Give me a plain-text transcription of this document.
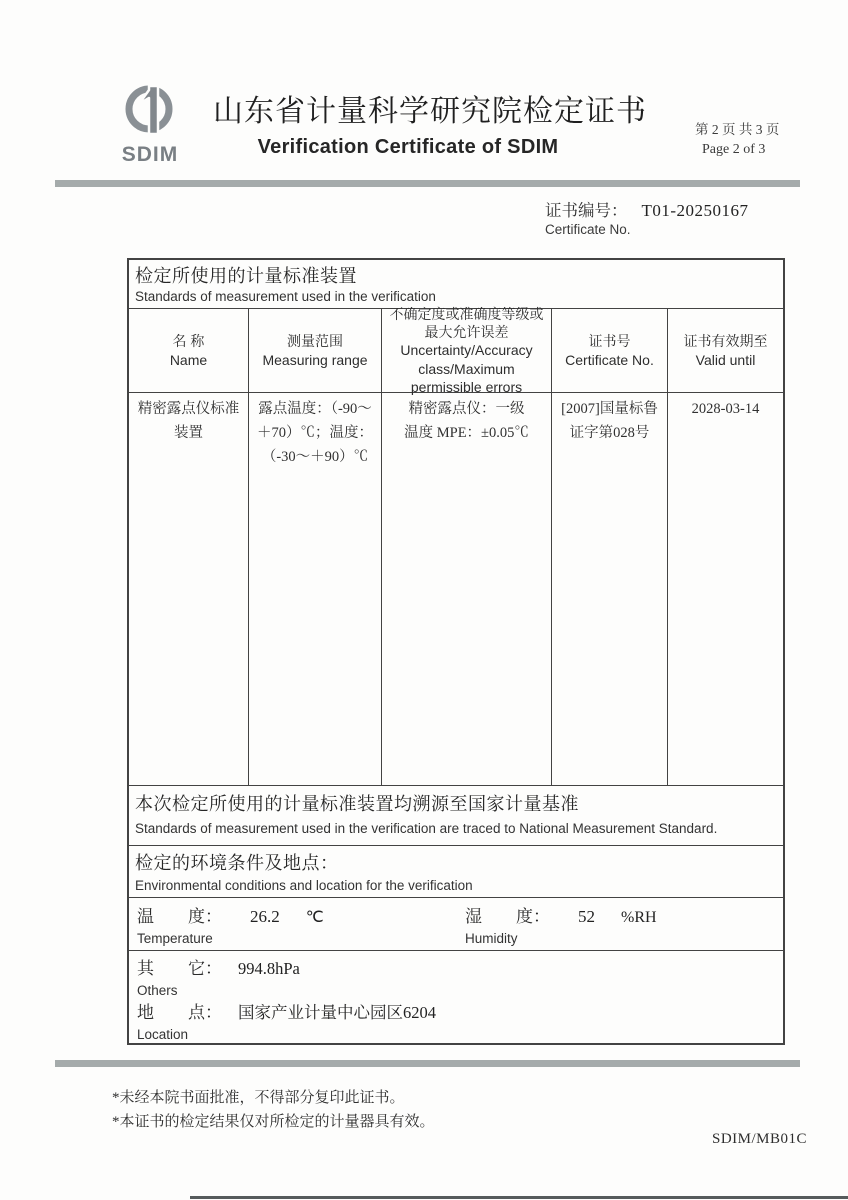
SDIM
山东省计量科学研究院检定证书
Verification Certificate of SDIM
第 2 页 共 3 页
Page 2 of 3
证书编号： T01-20250167
Certificate No.
检定所使用的计量标准装置
Standards of measurement used in the verification
名 称
Name
测量范围
Measuring range
不确定度或准确度等级或最大允许误差
Uncertainty/Accuracy class/Maximum permissible errors
证书号
Certificate No.
证书有效期至
Valid until
精密露点仪标准
装置
露点温度：（-90～
＋70）℃；温度：
（-30～＋90）℃
精密露点仪：一级
温度 MPE：±0.05℃
[2007]国量标鲁
证字第028号
2028-03-14
本次检定所使用的计量标准装置均溯源至国家计量基准
Standards of measurement used in the verification are traced to National Measurement Standard.
检定的环境条件及地点：
Environmental conditions and location for the verification
温　　度： 26.2 ℃
Temperature
湿　　度： 52 %RH
Humidity
其　　它： 994.8hPa
Others
地　　点： 国家产业计量中心园区6204
Location
*未经本院书面批准，不得部分复印此证书。
*本证书的检定结果仅对所检定的计量器具有效。
SDIM/MB01C
